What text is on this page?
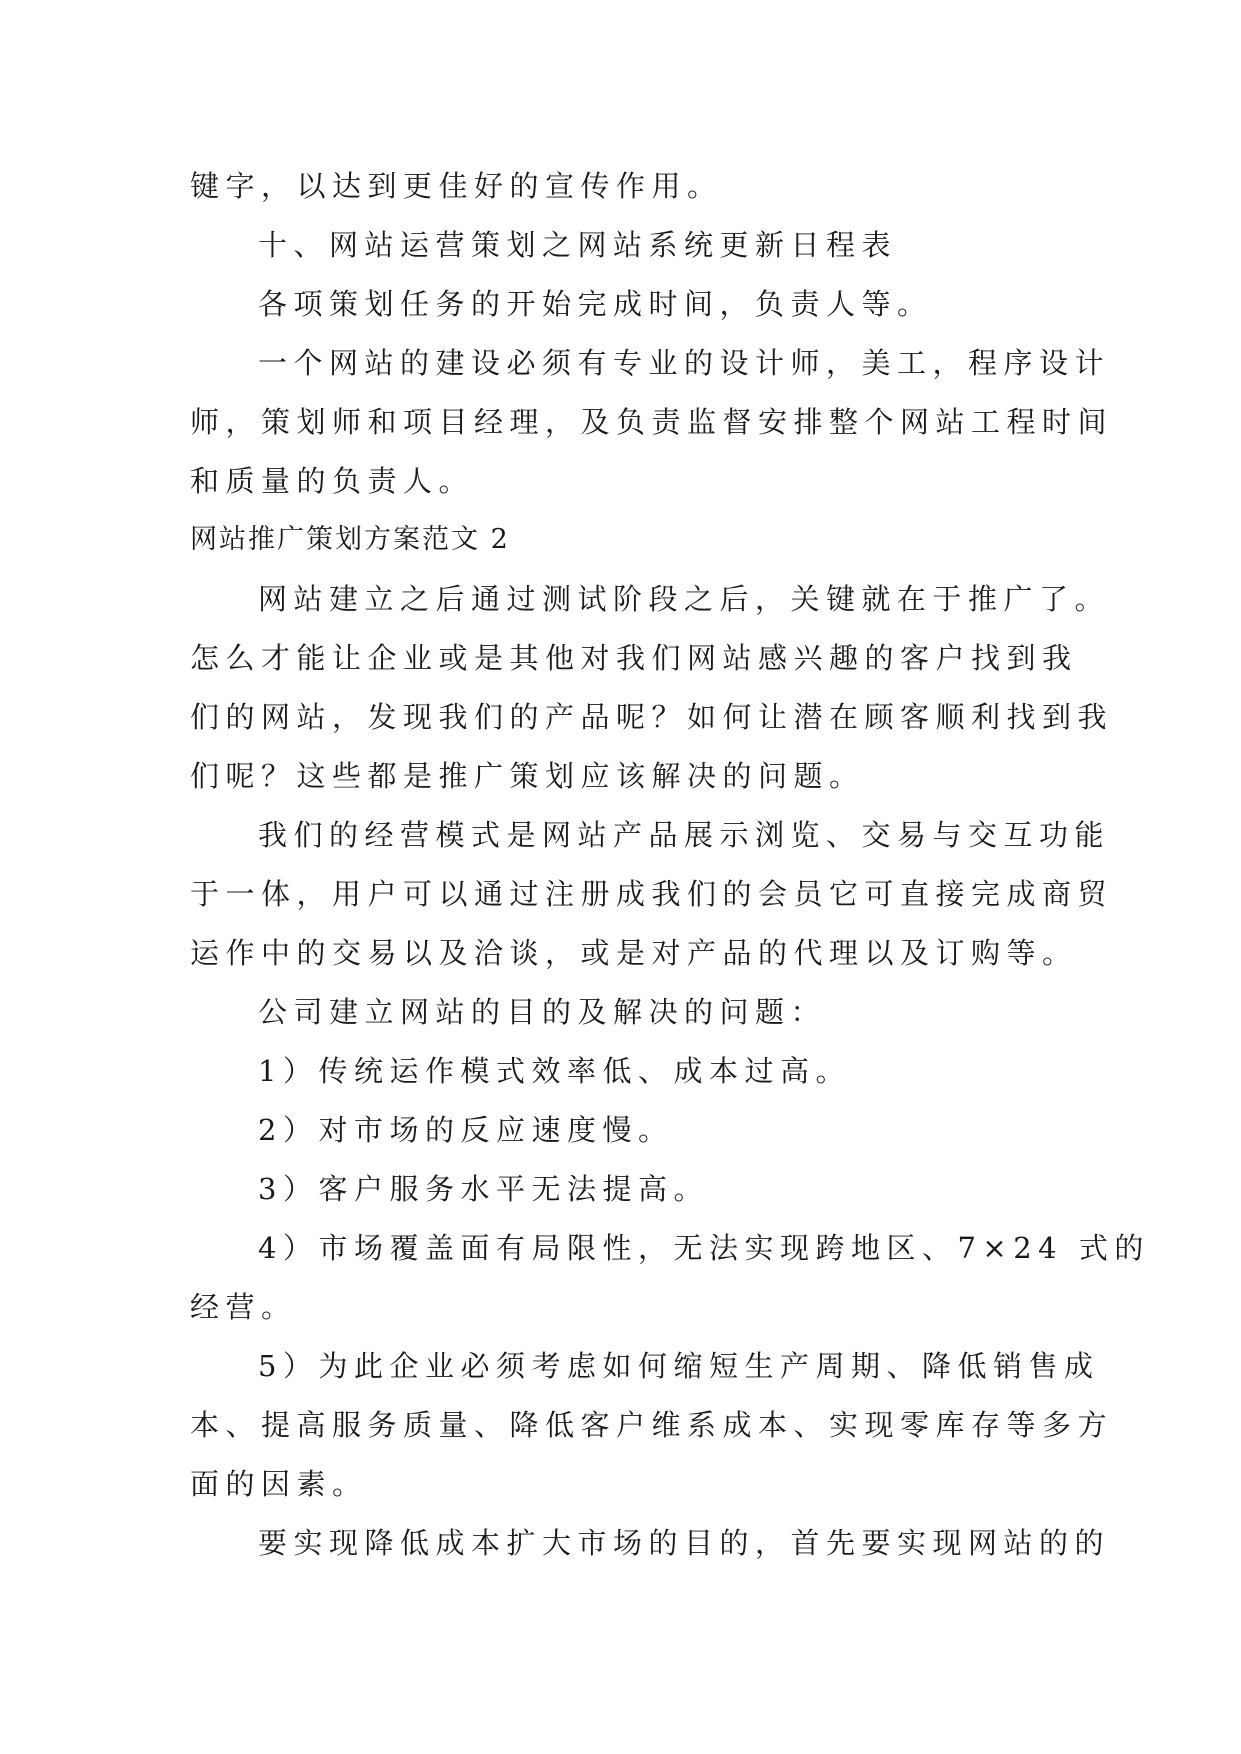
键字，以达到更佳好的宣传作用。
十、网站运营策划之网站系统更新日程表
各项策划任务的开始完成时间，负责人等。
一个网站的建设必须有专业的设计师，美工，程序设计
师，策划师和项目经理，及负责监督安排整个网站工程时间
和质量的负责人。
网站推广策划方案范文 2
网站建立之后通过测试阶段之后，关键就在于推广了。
怎么才能让企业或是其他对我们网站感兴趣的客户找到我
们的网站，发现我们的产品呢？如何让潜在顾客顺利找到我
们呢？这些都是推广策划应该解决的问题。
我们的经营模式是网站产品展示浏览、交易与交互功能
于一体，用户可以通过注册成我们的会员它可直接完成商贸
运作中的交易以及洽谈，或是对产品的代理以及订购等。
公司建立网站的目的及解决的问题：
1）传统运作模式效率低、成本过高。
2）对市场的反应速度慢。
3）客户服务水平无法提高。
4）市场覆盖面有局限性，无法实现跨地区、7×24 式的
经营。
5）为此企业必须考虑如何缩短生产周期、降低销售成
本、提高服务质量、降低客户维系成本、实现零库存等多方
面的因素。
要实现降低成本扩大市场的目的，首先要实现网站的的
